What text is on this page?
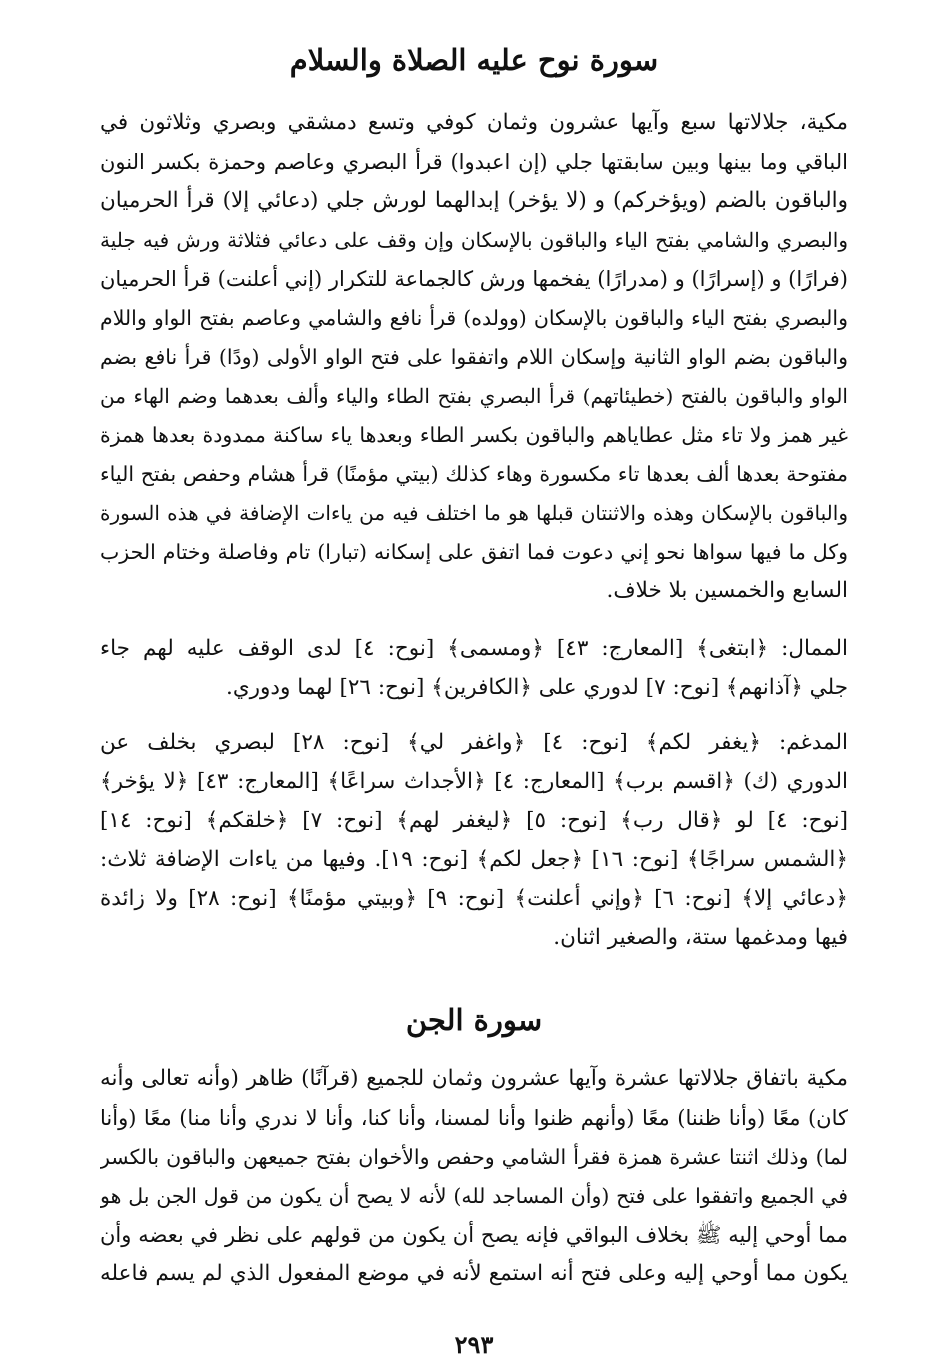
سورة نوح عليه الصلاة والسلام
مكية، جلالاتها سبع وآيها عشرون وثمان كوفي وتسع دمشقي وبصري وثلاثون في
الباقي وما بينها وبين سابقتها جلي (إن اعبدوا) قرأ البصري وعاصم وحمزة بكسر النون
والباقون بالضم (ويؤخركم) و (لا يؤخر) إبدالهما لورش جلي (دعائي إلا) قرأ الحرميان
والبصري والشامي بفتح الياء والباقون بالإسكان وإن وقف على دعائي فثلاثة ورش فيه جلية
(فرارًا) و (إسرارًا) و (مدرارًا) يفخمها ورش كالجماعة للتكرار (إني أعلنت) قرأ الحرميان
والبصري بفتح الياء والباقون بالإسكان (وولده) قرأ نافع والشامي وعاصم بفتح الواو واللام
والباقون بضم الواو الثانية وإسكان اللام واتفقوا على فتح الواو الأولى (ودًا) قرأ نافع بضم
الواو والباقون بالفتح (خطيئاتهم) قرأ البصري بفتح الطاء والياء وألف بعدهما وضم الهاء من
غير همز ولا تاء مثل عطاياهم والباقون بكسر الطاء وبعدها ياء ساكنة ممدودة بعدها همزة
مفتوحة بعدها ألف بعدها تاء مكسورة وهاء كذلك (بيتي مؤمنًا) قرأ هشام وحفص بفتح الياء
والباقون بالإسكان وهذه والاثنتان قبلها هو ما اختلف فيه من ياءات الإضافة في هذه السورة
وكل ما فيها سواها نحو إني دعوت فما اتفق على إسكانه (تبارا) تام وفاصلة وختام الحزب
السابع والخمسين بلا خلاف.
الممال: ﴿ابتغى﴾ [المعارج: ٤٣] ﴿ومسمى﴾ [نوح: ٤] لدى الوقف عليه لهم جاء
جلي ﴿آذانهم﴾ [نوح: ٧] لدوري على ﴿الكافرين﴾ [نوح: ٢٦] لهما ودوري.
المدغم: ﴿يغفر لكم﴾ [نوح: ٤] ﴿واغفر لي﴾ [نوح: ٢٨] لبصري بخلف عن
الدوري (ك) ﴿اقسم برب﴾ [المعارج: ٤] ﴿الأجداث سراعًا﴾ [المعارج: ٤٣] ﴿لا يؤخر﴾
[نوح: ٤] لو ﴿قال رب﴾ [نوح: ٥] ﴿ليغفر لهم﴾ [نوح: ٧] ﴿خلقكم﴾ [نوح: ١٤]
﴿الشمس سراجًا﴾ [نوح: ١٦] ﴿جعل لكم﴾ [نوح: ١٩]. وفيها من ياءات الإضافة ثلاث:
﴿دعائي إلا﴾ [نوح: ٦] ﴿وإني أعلنت﴾ [نوح: ٩] ﴿وبيتي مؤمنًا﴾ [نوح: ٢٨] ولا زائدة
فيها ومدغمها ستة، والصغير اثنان.
سورة الجن
مكية باتفاق جلالاتها عشرة وآيها عشرون وثمان للجميع (قرآنًا) ظاهر (وأنه تعالى وأنه
كان) معًا (وأنا ظننا) معًا (وأنهم ظنوا وأنا لمسنا، وأنا كنا، وأنا لا ندري وأنا منا) معًا (وأنا
لما) وذلك اثنتا عشرة همزة فقرأ الشامي وحفص والأخوان بفتح جميعهن والباقون بالكسر
في الجميع واتفقوا على فتح (وأن المساجد لله) لأنه لا يصح أن يكون من قول الجن بل هو
مما أوحي إليه ﷺ بخلاف البواقي فإنه يصح أن يكون من قولهم على نظر في بعضه وأن
يكون مما أوحي إليه وعلى فتح أنه استمع لأنه في موضع المفعول الذي لم يسم فاعله
٢٩٣
